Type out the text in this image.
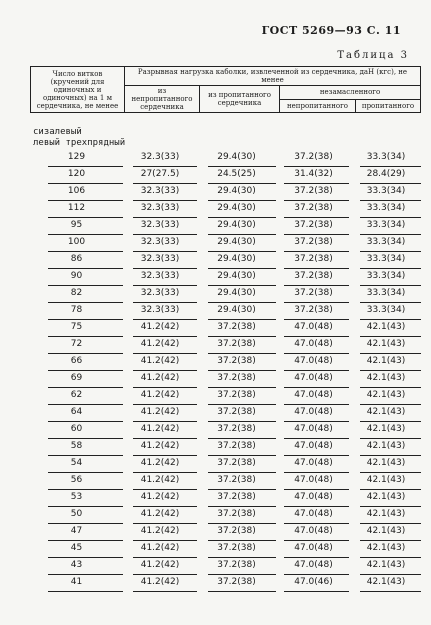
ГОСТ 5269—93 С. 11
Таблица 3
Число витков (кручений для одиночных и одиночных) на 1 м сердечника, не менее	Разрывная нагрузка каболки, извлеченной из сердечника, даН (кгс), не менее			
	из непропитанного сердечника	из пропитанного сердечника	незамасленного	
			непропитанного	пропитанного
сизалевый
левый трехпрядный
129	32.3(33)	29.4(30)	37.2(38)	33.3(34)
120	27(27.5)	24.5(25)	31.4(32)	28.4(29)
106	32.3(33)	29.4(30)	37.2(38)	33.3(34)
112	32.3(33)	29.4(30)	37.2(38)	33.3(34)
95	32.3(33)	29.4(30)	37.2(38)	33.3(34)
100	32.3(33)	29.4(30)	37.2(38)	33.3(34)
86	32.3(33)	29.4(30)	37.2(38)	33.3(34)
90	32.3(33)	29.4(30)	37.2(38)	33.3(34)
82	32.3(33)	29.4(30)	37.2(38)	33.3(34)
78	32.3(33)	29.4(30)	37.2(38)	33.3(34)
75	41.2(42)	37.2(38)	47.0(48)	42.1(43)
72	41.2(42)	37.2(38)	47.0(48)	42.1(43)
66	41.2(42)	37.2(38)	47.0(48)	42.1(43)
69	41.2(42)	37.2(38)	47.0(48)	42.1(43)
62	41.2(42)	37.2(38)	47.0(48)	42.1(43)
64	41.2(42)	37.2(38)	47.0(48)	42.1(43)
60	41.2(42)	37.2(38)	47.0(48)	42.1(43)
58	41.2(42)	37.2(38)	47.0(48)	42.1(43)
54	41.2(42)	37.2(38)	47.0(48)	42.1(43)
56	41.2(42)	37.2(38)	47.0(48)	42.1(43)
53	41.2(42)	37.2(38)	47.0(48)	42.1(43)
50	41.2(42)	37.2(38)	47.0(48)	42.1(43)
47	41.2(42)	37.2(38)	47.0(48)	42.1(43)
45	41.2(42)	37.2(38)	47.0(48)	42.1(43)
43	41.2(42)	37.2(38)	47.0(48)	42.1(43)
41	41.2(42)	37.2(38)	47.0(46)	42.1(43)
